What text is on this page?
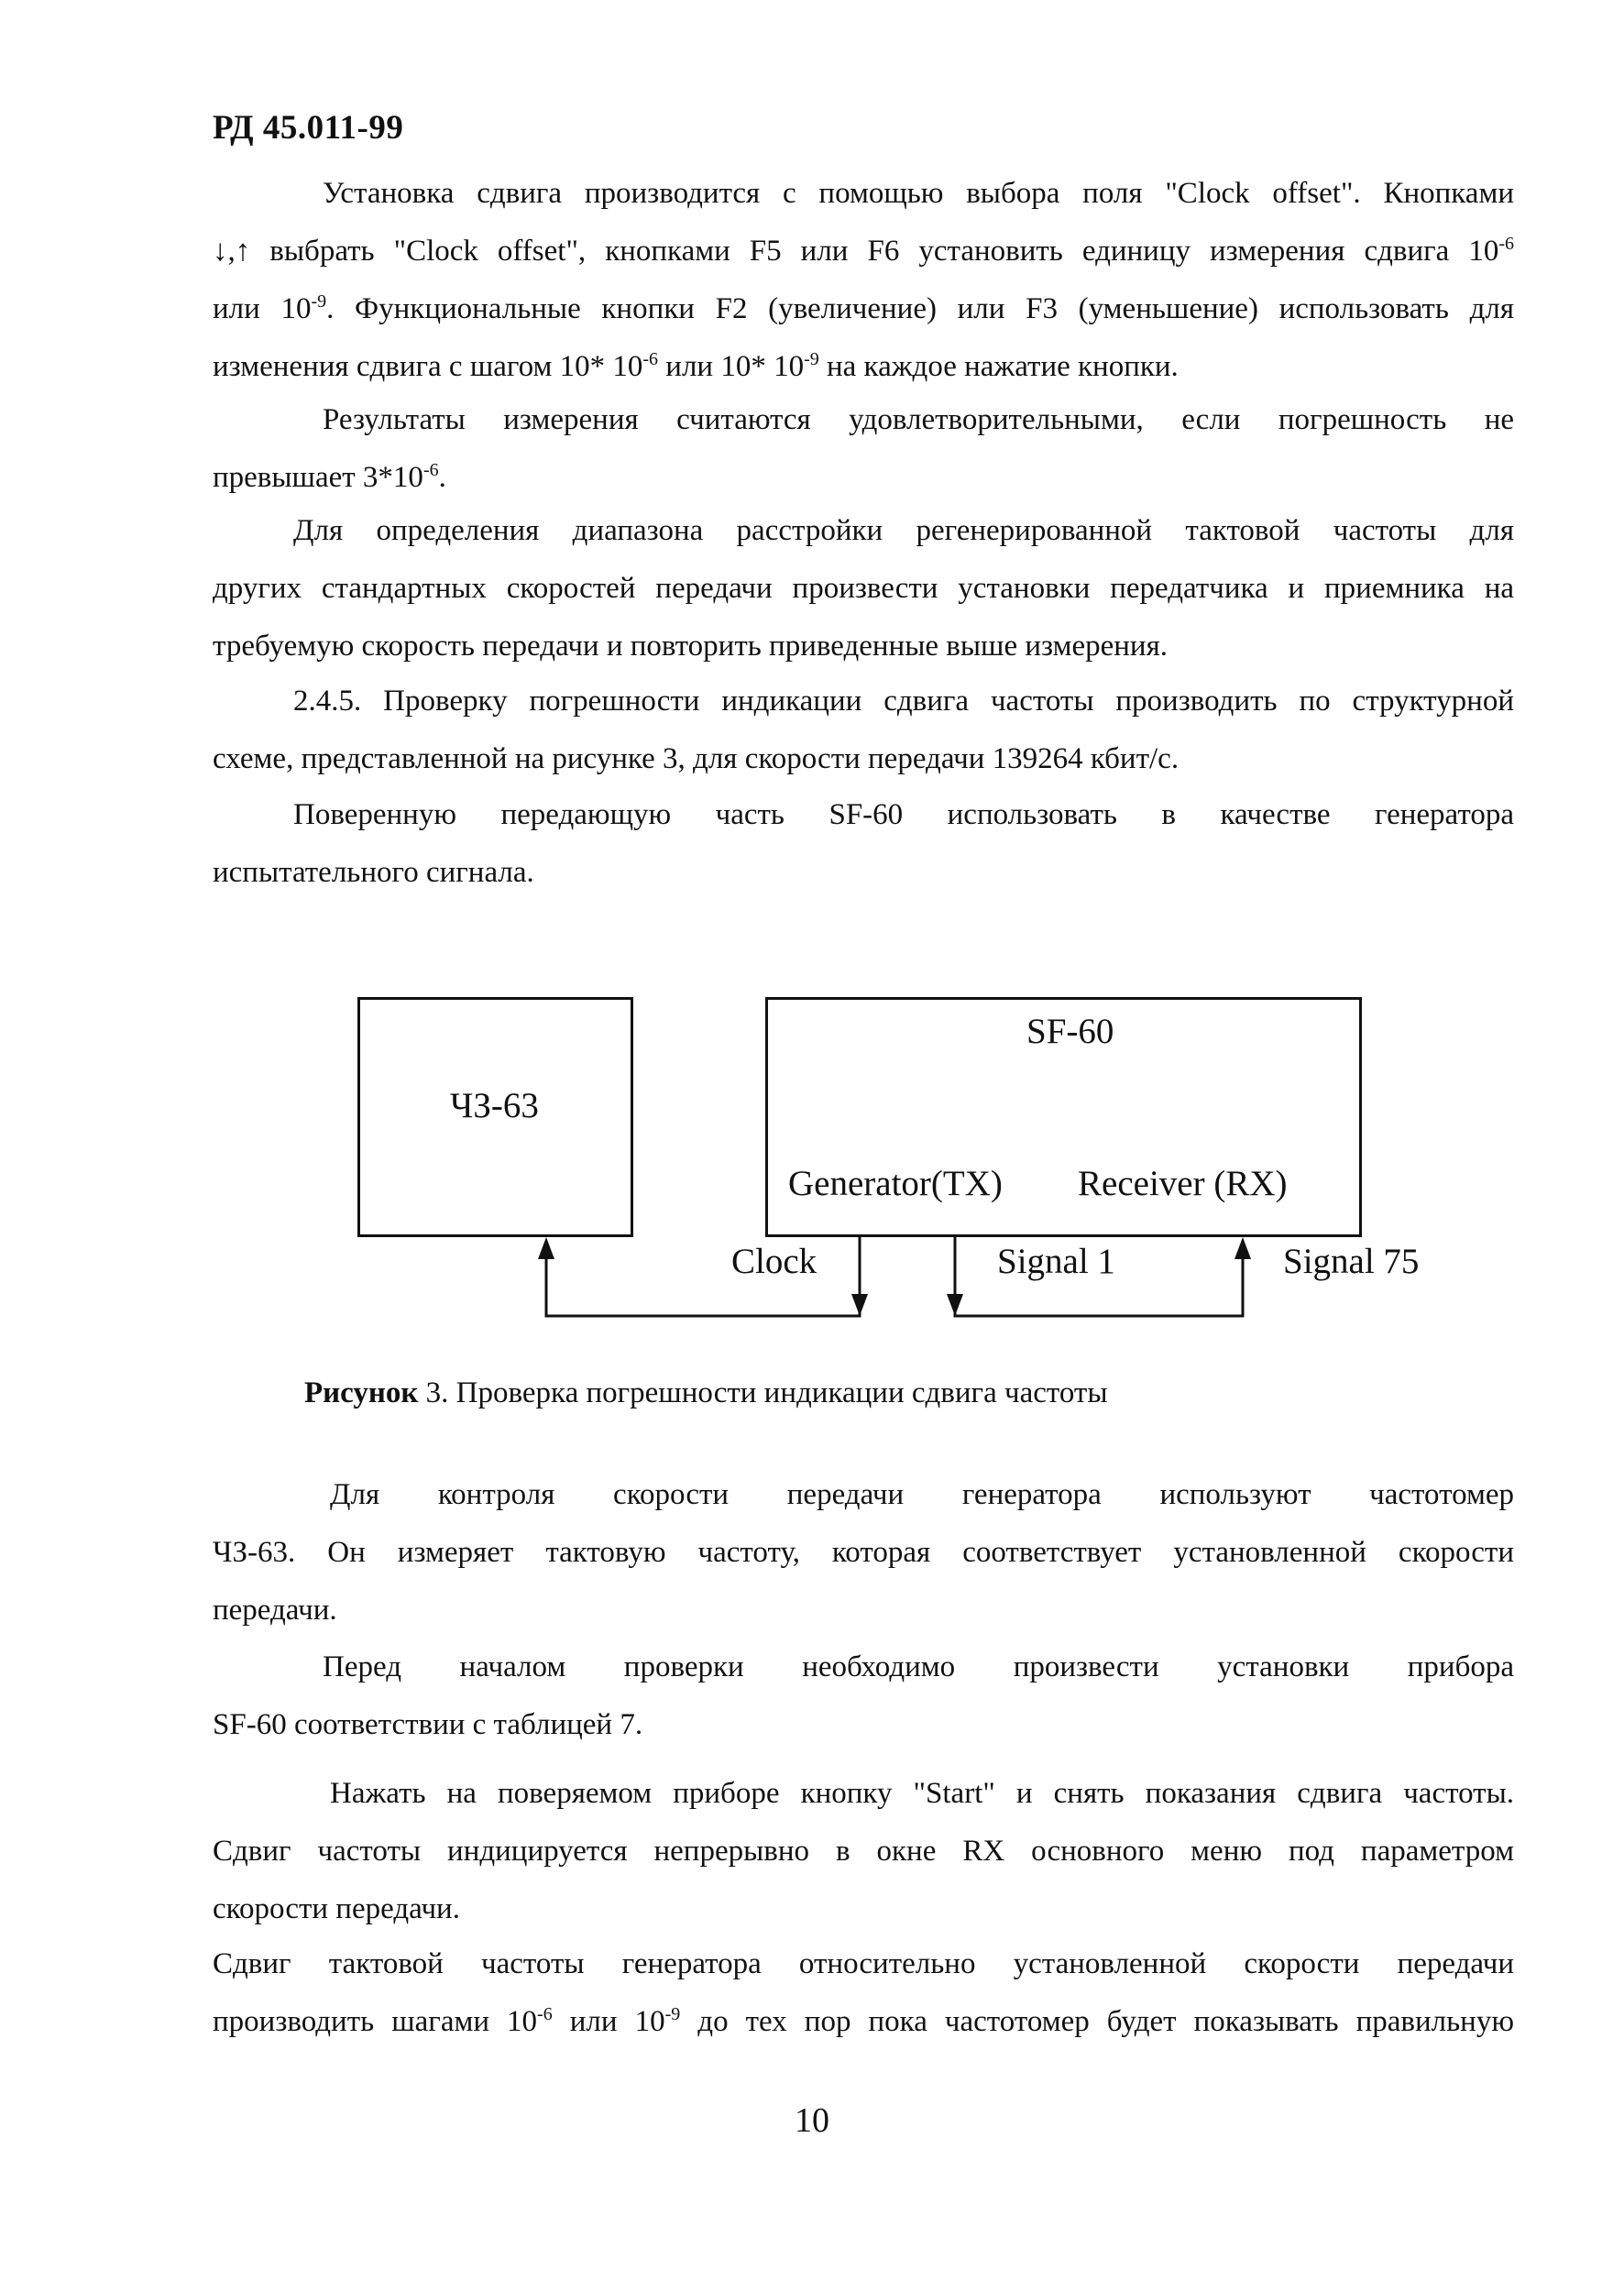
РД 45.011-99
Установка сдвига производится с помощью выбора поля "Clock offset". Кнопками
↓,↑ выбрать "Clock offset", кнопками F5 или F6 установить единицу измерения сдвига $10^{-6}$
или $10^{-9}$. Функциональные кнопки F2 (увеличение) или F3 (уменьшение) использовать для
изменения сдвига с шагом 10* $10^{-6}$ или 10* $10^{-9}$ на каждое нажатие кнопки.
Результаты измерения считаются удовлетворительными, если погрешность не
превышает $3*10^{-6}$.
Для определения диапазона расстройки регенерированной тактовой частоты для
других стандартных скоростей передачи произвести установки передатчика и приемника на
требуемую скорость передачи и повторить приведенные выше измерения.
2.4.5. Проверку погрешности индикации сдвига частоты производить по структурной
схеме, представленной на рисунке 3, для скорости передачи 139264 кбит/с.
Поверенную передающую часть SF-60 использовать в качестве генератора
испытательного сигнала.
ЧЗ-63
SF-60
Generator(TX) Receiver (RX)
Clock	Signal 1	Signal 75
Рисунок 3. Проверка погрешности индикации сдвига частоты
Для контроля скорости передачи генератора используют частотомер
ЧЗ-63. Он измеряет тактовую частоту, которая соответствует установленной скорости
передачи.
Перед началом проверки необходимо произвести установки прибора
SF-60 соответствии с таблицей 7.
Нажать на поверяемом приборе кнопку "Start" и снять показания сдвига частоты.
Сдвиг частоты индицируется непрерывно в окне RX основного меню под параметром
скорости передачи.
Сдвиг тактовой частоты генератора относительно установленной скорости передачи
производить шагами $10^{-6}$ или $10^{-9}$ до тех пор пока частотомер будет показывать правильную
10
